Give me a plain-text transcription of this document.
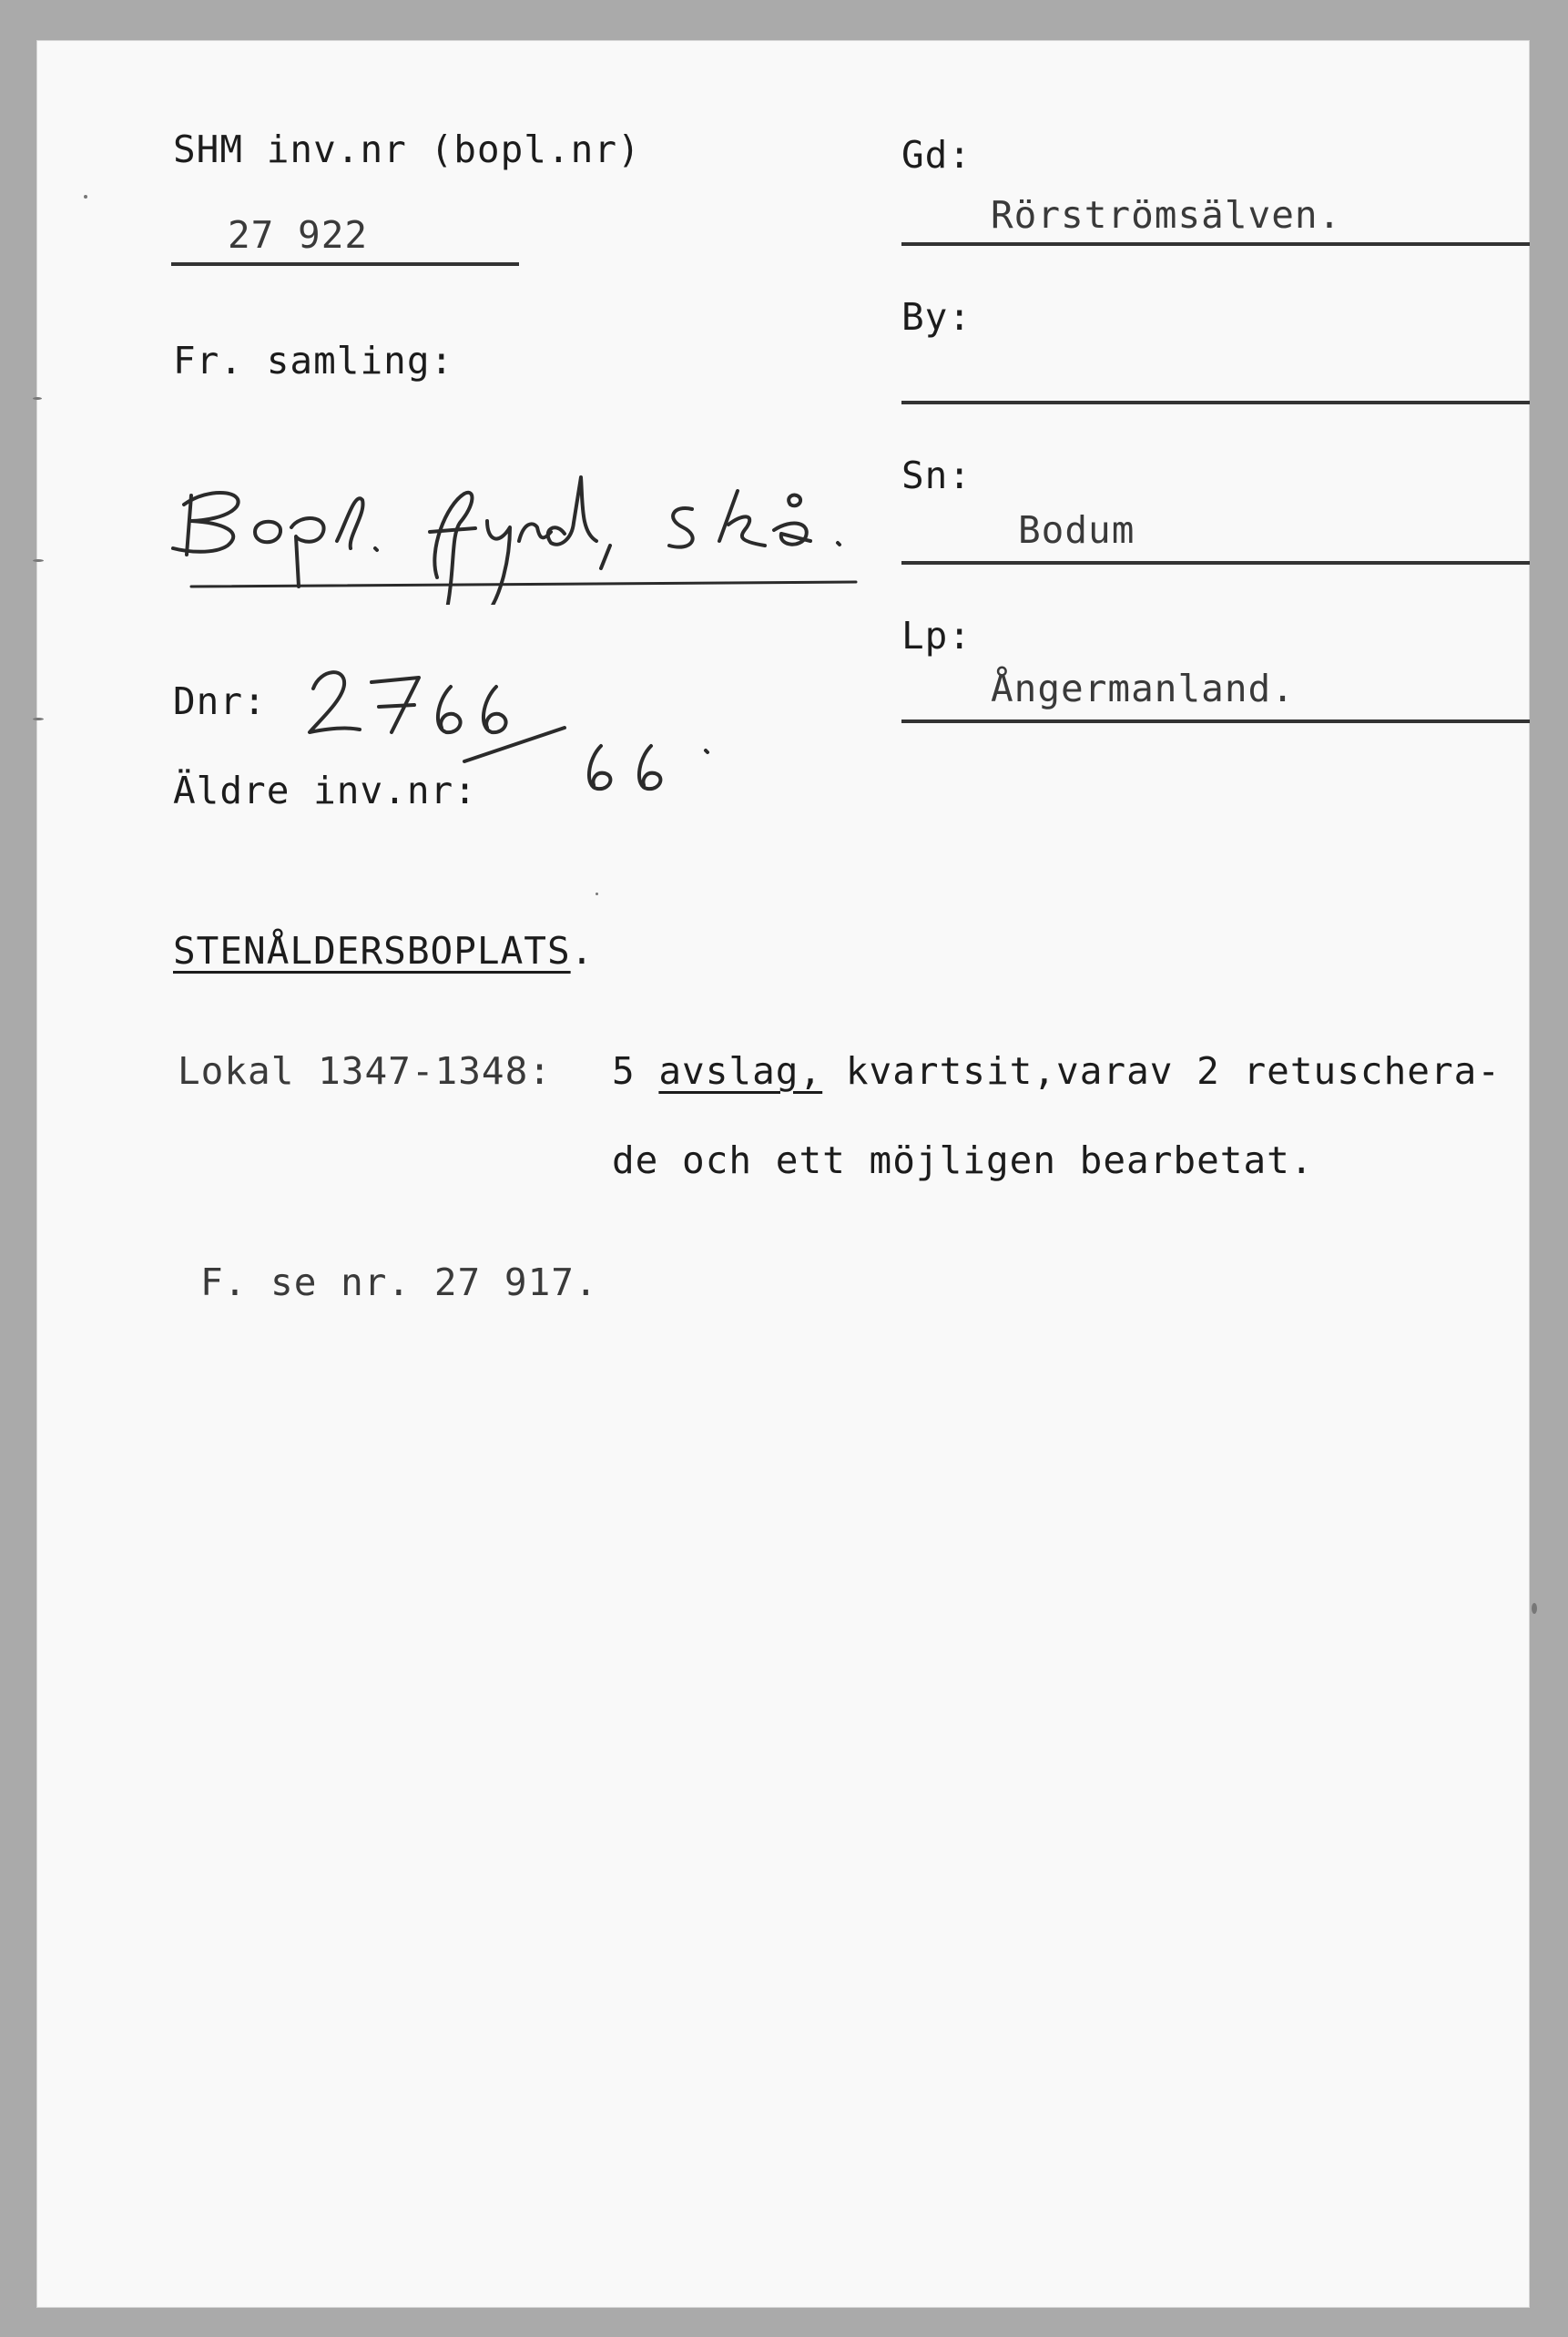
SHM inv.nr (bopl.nr)
27 922
Fr. samling:
Dnr:
Äldre inv.nr:
Gd:
Rörströmsälven.
By:
Sn:
Bodum
Lp:
Ångermanland.
STENÅLDERSBOPLATS.
Lokal 1347-1348: 5 avslag, kvartsit,varav 2 retuschera-
de och ett möjligen bearbetat.
F. se nr. 27 917.
